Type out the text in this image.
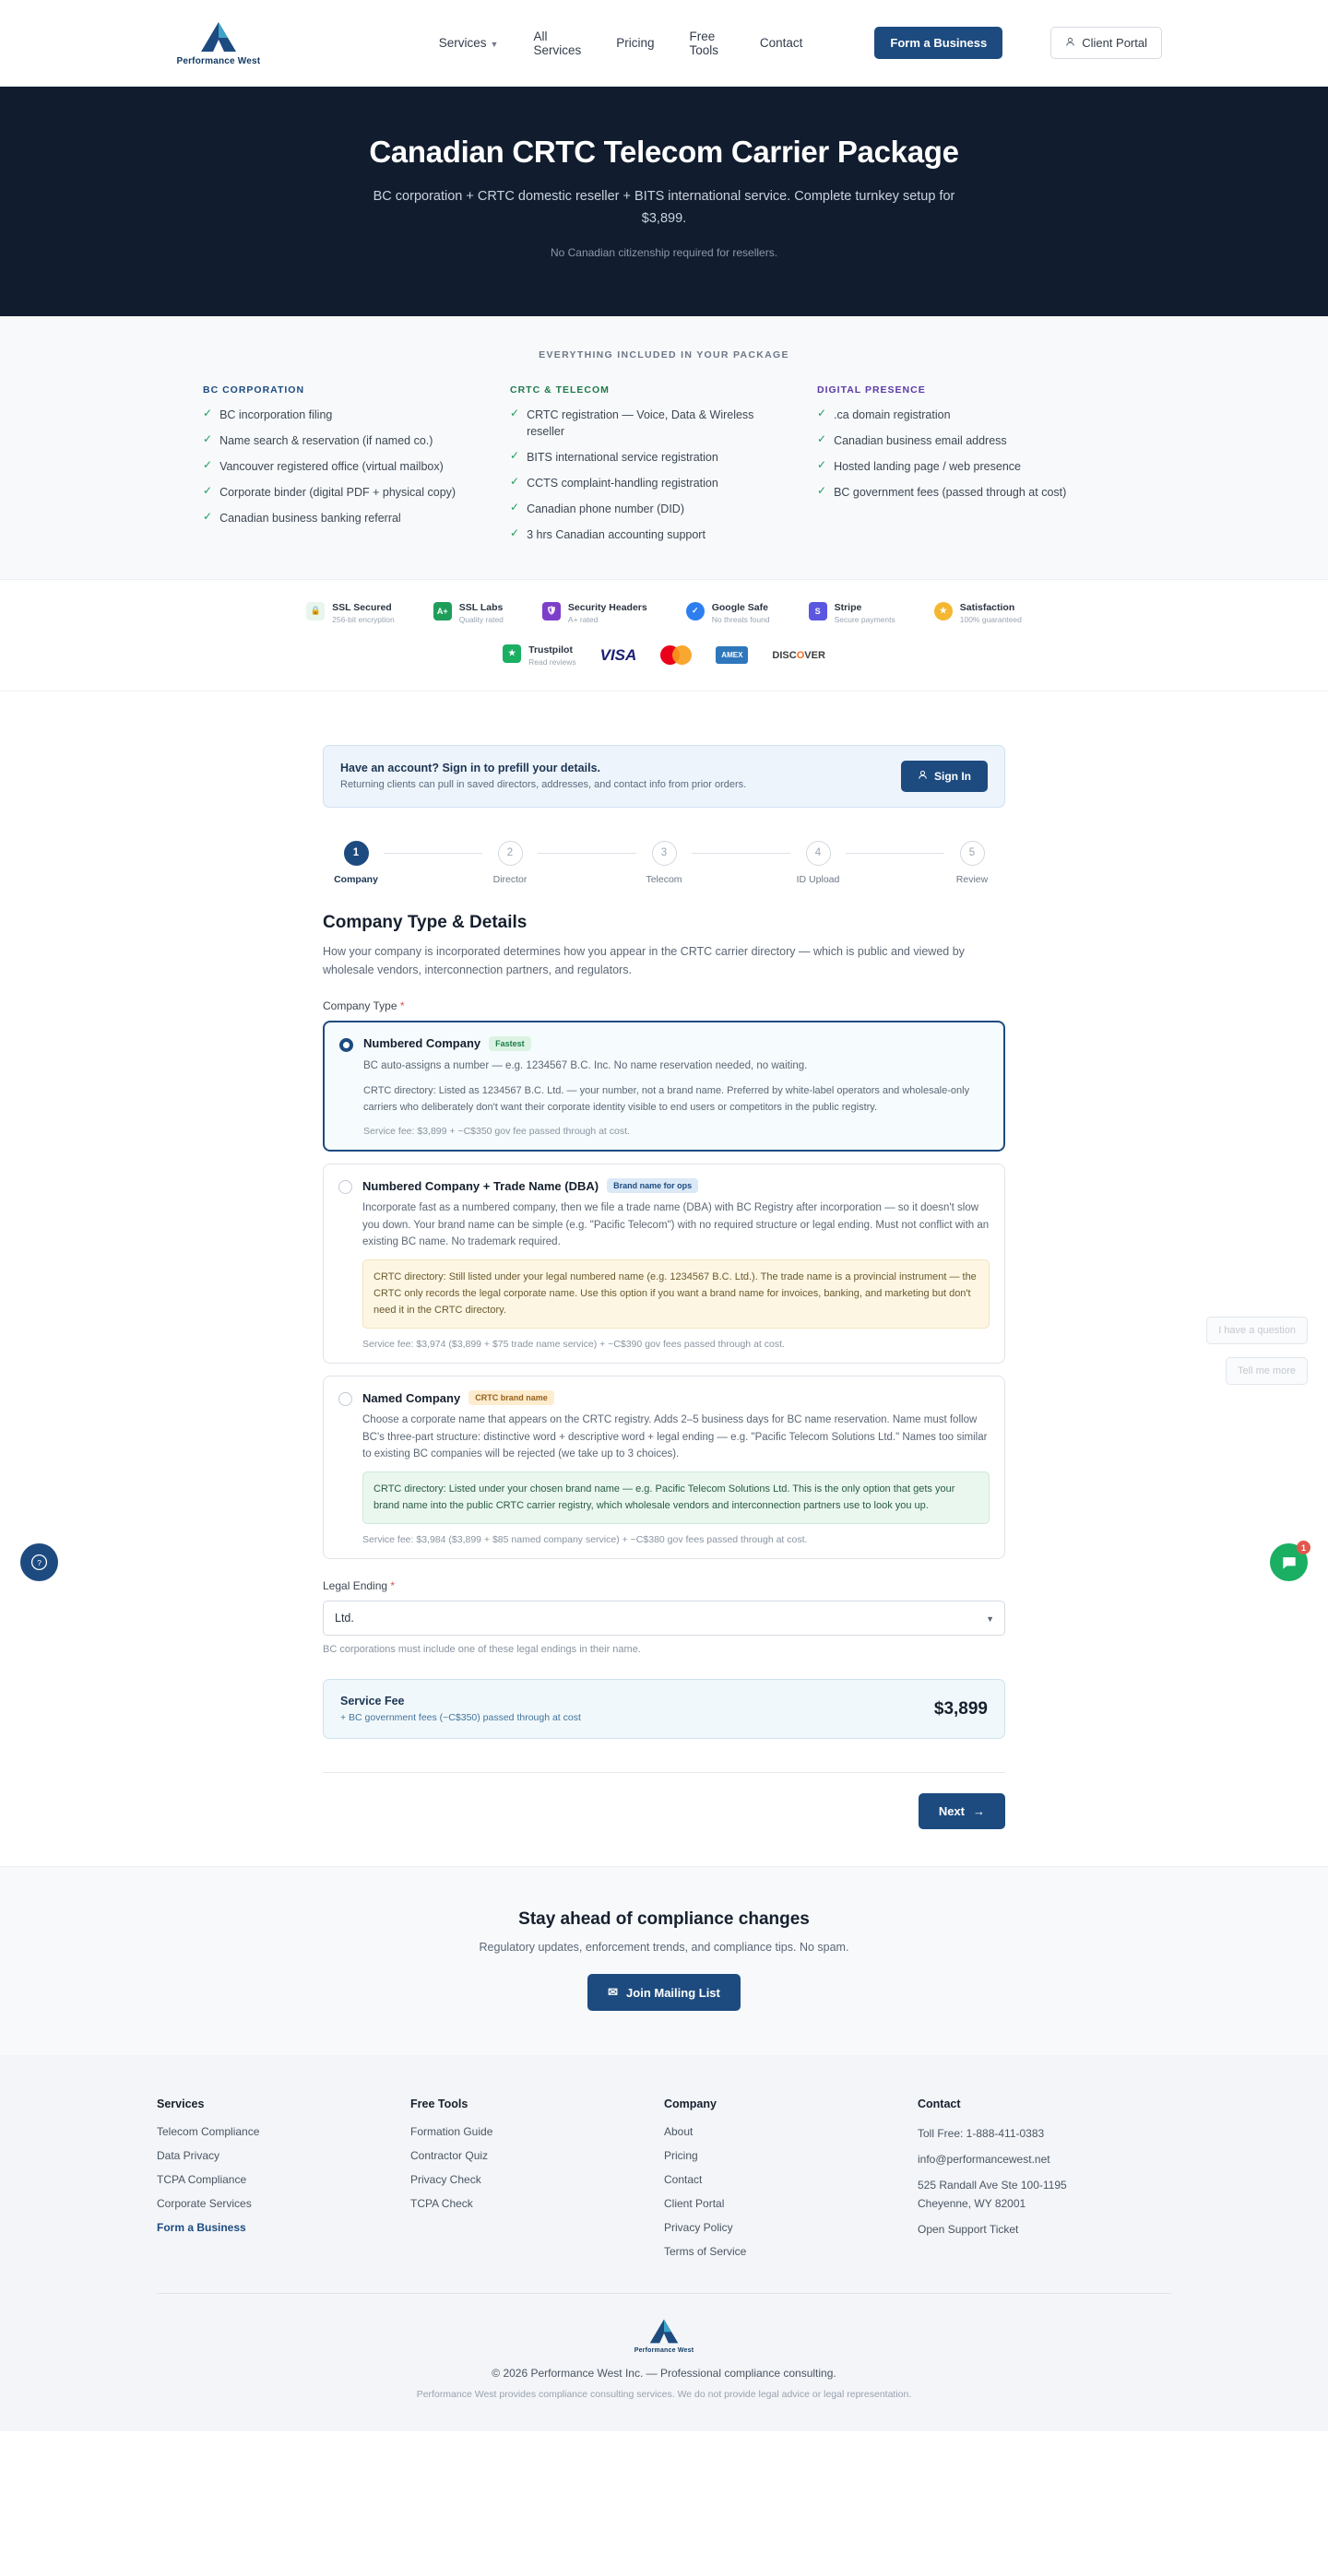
Performance West
Services ▼
All Services	Pricing	Free Tools	Contact	Form a Business	Client Portal
Canadian CRTC Telecom Carrier Package

BC corporation + CRTC domestic reseller + BITS international service. Complete turnkey setup for $3,899.

No Canadian citizenship required for resellers.

EVERYTHING INCLUDED IN YOUR PACKAGE
BC CORPORATION
✓ BC incorporation filing
✓ Name search & reservation (if named co.)
✓ Vancouver registered office (virtual mailbox)
✓ Corporate binder (digital PDF + physical copy)
✓ Canadian business banking referral
CRTC & TELECOM
✓ CRTC registration — Voice, Data & Wireless reseller
✓ BITS international service registration
✓ CCTS complaint-handling registration
✓ Canadian phone number (DID)
✓ 3 hrs Canadian accounting support
DIGITAL PRESENCE
✓ .ca domain registration
✓ Canadian business email address
✓ Hosted landing page / web presence
✓ BC government fees (passed through at cost)
🔒	SSL Secured
256-bit encryption
A+	SSL Labs
Quality rated
🛡	Security Headers
A+ rated
✓	Google Safe
No threats found
S	Stripe
Secure payments
★	Satisfaction
100% guaranteed
★	Trustpilot
Read reviews VISA	AMEX	DISCOVER
Have an account? Sign in to prefill your details.
Returning clients can pull in saved directors, addresses, and contact info from prior orders.
Sign In
1
Company
2
Director
3
Telecom
4
ID Upload
5
Review
Company Type & Details

How your company is incorporated determines how you appear in the CRTC carrier directory — which is public and viewed by wholesale vendors, interconnection partners, and regulators.

Company Type *
Numbered Company	Fastest
BC auto-assigns a number — e.g. 1234567 B.C. Inc. No name reservation needed, no waiting.
CRTC directory: Listed as 1234567 B.C. Ltd. — your number, not a brand name. Preferred by white-label operators and wholesale-only carriers who deliberately don't want their corporate identity visible to end users or competitors in the public registry.
Service fee: $3,899 + ~C$350 gov fee passed through at cost.
Numbered Company + Trade Name (DBA)	Brand name for ops
Incorporate fast as a numbered company, then we file a trade name (DBA) with BC Registry after incorporation — so it doesn't slow you down. Your brand name can be simple (e.g. "Pacific Telecom") with no required structure or legal ending. Must not conflict with an existing BC name. No trademark required.
CRTC directory: Still listed under your legal numbered name (e.g. 1234567 B.C. Ltd.). The trade name is a provincial instrument — the CRTC only records the legal corporate name. Use this option if you want a brand name for invoices, banking, and marketing but don't need it in the CRTC directory.
Service fee: $3,974 ($3,899 + $75 trade name service) + ~C$390 gov fees passed through at cost.
Named Company	CRTC brand name
Choose a corporate name that appears on the CRTC registry. Adds 2–5 business days for BC name reservation. Name must follow BC's three-part structure: distinctive word + descriptive word + legal ending — e.g. "Pacific Telecom Solutions Ltd." Names too similar to existing BC companies will be rejected (we take up to 3 choices).
CRTC directory: Listed under your chosen brand name — e.g. Pacific Telecom Solutions Ltd. This is the only option that gets your brand name into the public CRTC carrier registry, which wholesale vendors and interconnection partners use to look you up.
Service fee: $3,984 ($3,899 + $85 named company service) + ~C$380 gov fees passed through at cost.
Legal Ending *
Ltd.
▼
BC corporations must include one of these legal endings in their name.
Service Fee
+ BC government fees (~C$350) passed through at cost	$3,899
Next →
Stay ahead of compliance changes

Regulatory updates, enforcement trends, and compliance tips. No spam.

✉ Join Mailing List
Services
Telecom Compliance
Data Privacy
TCPA Compliance
Corporate Services
Form a Business
Free Tools
Formation Guide
Contractor Quiz
Privacy Check
TCPA Check
Company
About
Pricing
Contact
Client Portal
Privacy Policy
Terms of Service
Contact
Toll Free: 1-888-411-0383
info@performancewest.net
525 Randall Ave Ste 100-1195
Cheyenne, WY 82001
Open Support Ticket
Performance West
© 2026 Performance West Inc. — Professional compliance consulting.
Performance West provides compliance consulting services. We do not provide legal advice or legal representation.
?
1
I have a question
Tell me more
